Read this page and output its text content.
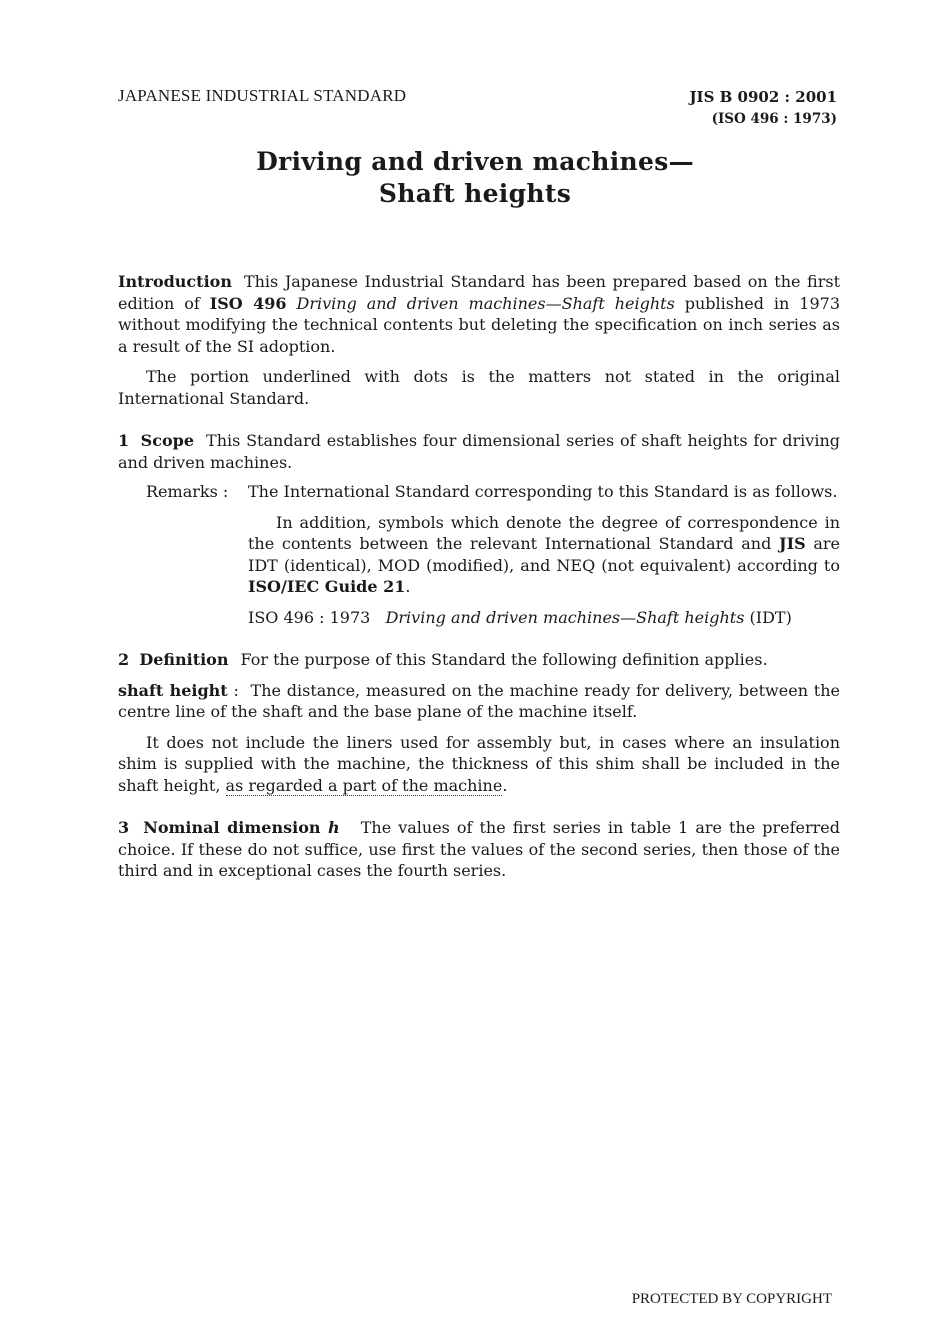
JAPANESE INDUSTRIAL STANDARD	JIS B 0902 : 2001
(ISO 496 : 1973)
Driving and driven machines—
Shaft heights

Introduction This Japanese Industrial Standard has been prepared based on the first edition of ISO 496 Driving and driven machines—Shaft heights published in 1973 without modifying the technical contents but deleting the specification on inch series as a result of the SI adoption.

The portion underlined with dots is the matters not stated in the original International Standard.

1 Scope This Standard establishes four dimensional series of shaft heights for driving and driven machines.

Remarks :	The International Standard corresponding to this Standard is as follows.

In addition, symbols which denote the degree of correspondence in the contents between the relevant International Standard and JIS are IDT (identical), MOD (modified), and NEQ (not equivalent) according to ISO/IEC Guide 21.

ISO 496 : 1973 Driving and driven machines—Shaft heights (IDT)

2 Definition For the purpose of this Standard the following definition applies.

shaft height : The distance, measured on the machine ready for delivery, between the centre line of the shaft and the base plane of the machine itself.

It does not include the liners used for assembly but, in cases where an insulation shim is supplied with the machine, the thickness of this shim shall be included in the shaft height, as regarded a part of the machine.

3 Nominal dimension h The values of the first series in table 1 are the preferred choice. If these do not suffice, use first the values of the second series, then those of the third and in exceptional cases the fourth series.

PROTECTED BY COPYRIGHT
